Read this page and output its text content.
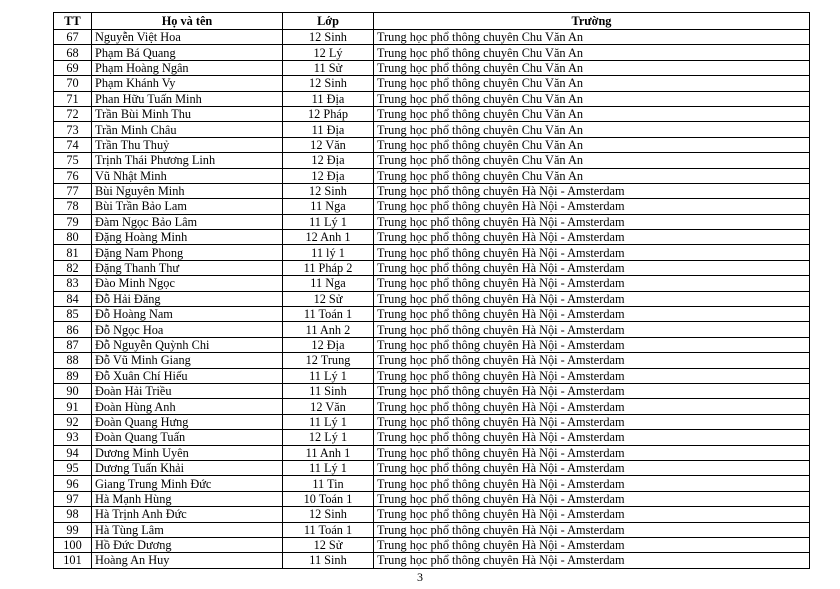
TT	Họ và tên	Lớp	Trường
67	Nguyễn Việt Hoa	12 Sinh	Trung học phổ thông chuyên Chu Văn An
68	Phạm Bá Quang	12 Lý	Trung học phổ thông chuyên Chu Văn An
69	Phạm Hoàng Ngân	11 Sử	Trung học phổ thông chuyên Chu Văn An
70	Phạm Khánh Vy	12 Sinh	Trung học phổ thông chuyên Chu Văn An
71	Phan Hữu Tuấn Minh	11 Địa	Trung học phổ thông chuyên Chu Văn An
72	Trần Bùi Minh Thu	12 Pháp	Trung học phổ thông chuyên Chu Văn An
73	Trần Minh Châu	11 Địa	Trung học phổ thông chuyên Chu Văn An
74	Trần Thu Thuỷ	12 Văn	Trung học phổ thông chuyên Chu Văn An
75	Trịnh Thái Phương Linh	12 Địa	Trung học phổ thông chuyên Chu Văn An
76	Vũ Nhật Minh	12 Địa	Trung học phổ thông chuyên Chu Văn An
77	Bùi Nguyên Minh	12 Sinh	Trung học phổ thông chuyên Hà Nội - Amsterdam
78	Bùi Trần Bảo Lam	11 Nga	Trung học phổ thông chuyên Hà Nội - Amsterdam
79	Đàm Ngọc Bảo Lâm	11 Lý 1	Trung học phổ thông chuyên Hà Nội - Amsterdam
80	Đặng Hoàng Minh	12 Anh 1	Trung học phổ thông chuyên Hà Nội - Amsterdam
81	Đặng Nam Phong	11 lý 1	Trung học phổ thông chuyên Hà Nội - Amsterdam
82	Đặng Thanh Thư	11 Pháp 2	Trung học phổ thông chuyên Hà Nội - Amsterdam
83	Đào Minh Ngọc	11 Nga	Trung học phổ thông chuyên Hà Nội - Amsterdam
84	Đỗ Hải Đăng	12 Sử	Trung học phổ thông chuyên Hà Nội - Amsterdam
85	Đỗ Hoàng Nam	11 Toán 1	Trung học phổ thông chuyên Hà Nội - Amsterdam
86	Đỗ Ngọc Hoa	11 Anh 2	Trung học phổ thông chuyên Hà Nội - Amsterdam
87	Đỗ Nguyễn Quỳnh Chi	12 Địa	Trung học phổ thông chuyên Hà Nội - Amsterdam
88	Đỗ Vũ Minh Giang	12 Trung	Trung học phổ thông chuyên Hà Nội - Amsterdam
89	Đỗ Xuân Chí Hiếu	11 Lý 1	Trung học phổ thông chuyên Hà Nội - Amsterdam
90	Đoàn Hải Triều	11 Sinh	Trung học phổ thông chuyên Hà Nội - Amsterdam
91	Đoàn Hùng Anh	12 Văn	Trung học phổ thông chuyên Hà Nội - Amsterdam
92	Đoàn Quang Hưng	11 Lý 1	Trung học phổ thông chuyên Hà Nội - Amsterdam
93	Đoàn Quang Tuấn	12 Lý 1	Trung học phổ thông chuyên Hà Nội - Amsterdam
94	Dương Minh Uyên	11 Anh 1	Trung học phổ thông chuyên Hà Nội - Amsterdam
95	Dương Tuấn Khải	11 Lý 1	Trung học phổ thông chuyên Hà Nội - Amsterdam
96	Giang Trung Minh Đức	11 Tin	Trung học phổ thông chuyên Hà Nội - Amsterdam
97	Hà Mạnh Hùng	10 Toán 1	Trung học phổ thông chuyên Hà Nội - Amsterdam
98	Hà Trịnh Anh Đức	12 Sinh	Trung học phổ thông chuyên Hà Nội - Amsterdam
99	Hà Tùng Lâm	11 Toán 1	Trung học phổ thông chuyên Hà Nội - Amsterdam
100	Hồ Đức Dương	12 Sử	Trung học phổ thông chuyên Hà Nội - Amsterdam
101	Hoàng An Huy	11 Sinh	Trung học phổ thông chuyên Hà Nội - Amsterdam
3
